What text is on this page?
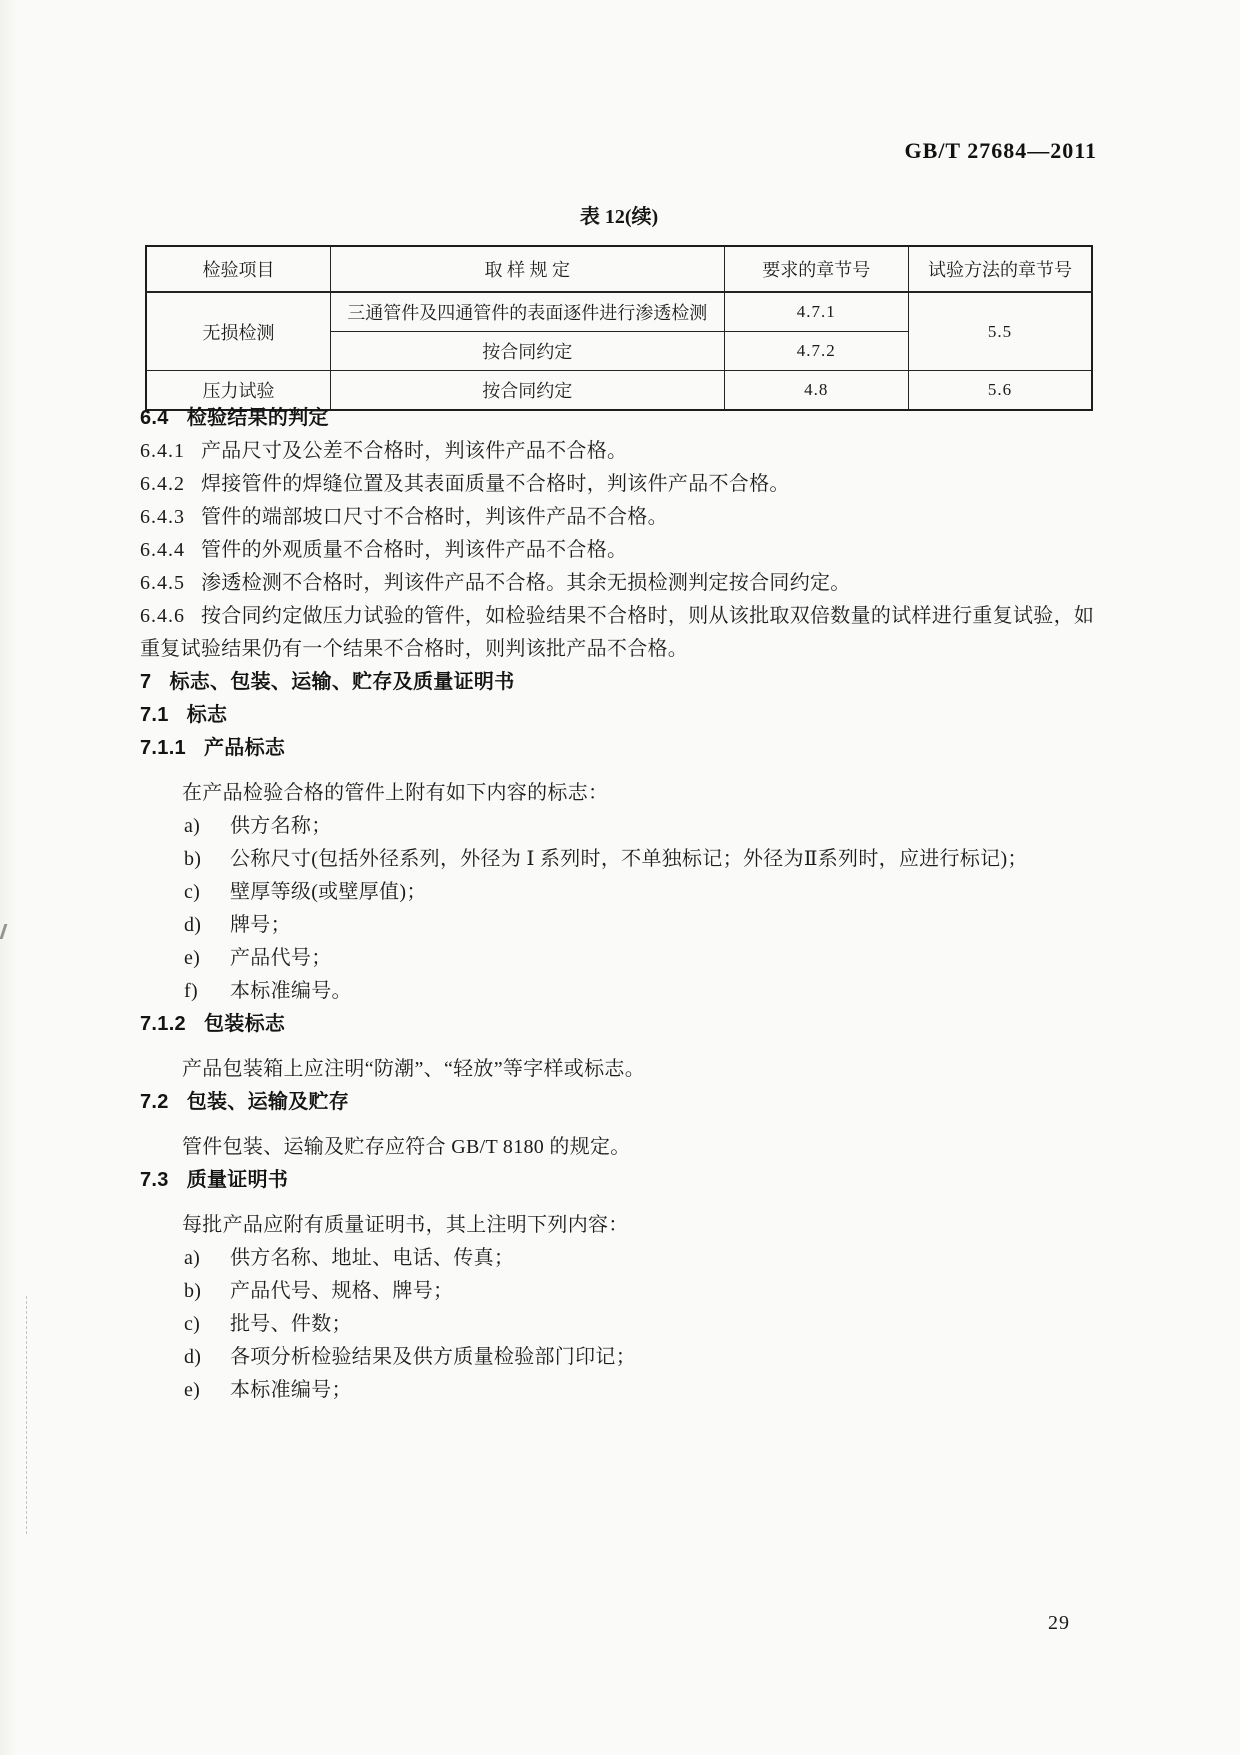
GB/T 27684—2011
表 12(续)
检验项目	取 样 规 定	要求的章节号	试验方法的章节号
无损检测	三通管件及四通管件的表面逐件进行渗透检测	4.7.1	5.5
	按合同约定	4.7.2	
压力试验	按合同约定	4.8	5.6

6.4 检验结果的判定

6.4.1 产品尺寸及公差不合格时，判该件产品不合格。

6.4.2 焊接管件的焊缝位置及其表面质量不合格时，判该件产品不合格。

6.4.3 管件的端部坡口尺寸不合格时，判该件产品不合格。

6.4.4 管件的外观质量不合格时，判该件产品不合格。

6.4.5 渗透检测不合格时，判该件产品不合格。其余无损检测判定按合同约定。

6.4.6 按合同约定做压力试验的管件，如检验结果不合格时，则从该批取双倍数量的试样进行重复试验，如重复试验结果仍有一个结果不合格时，则判该批产品不合格。

7 标志、包装、运输、贮存及质量证明书

7.1 标志

7.1.1 产品标志

在产品检验合格的管件上附有如下内容的标志：

a)	供方名称；

b)	公称尺寸(包括外径系列，外径为 Ⅰ 系列时，不单独标记；外径为Ⅱ系列时，应进行标记)；

c)	壁厚等级(或壁厚值)；

d)	牌号；

e)	产品代号；

f)	本标准编号。

7.1.2 包装标志

产品包装箱上应注明“防潮”、“轻放”等字样或标志。

7.2 包装、运输及贮存

管件包装、运输及贮存应符合 GB/T 8180 的规定。

7.3 质量证明书

每批产品应附有质量证明书，其上注明下列内容：

a)	供方名称、地址、电话、传真；

b)	产品代号、规格、牌号；

c)	批号、件数；

d)	各项分析检验结果及供方质量检验部门印记；

e)	本标准编号；

29
